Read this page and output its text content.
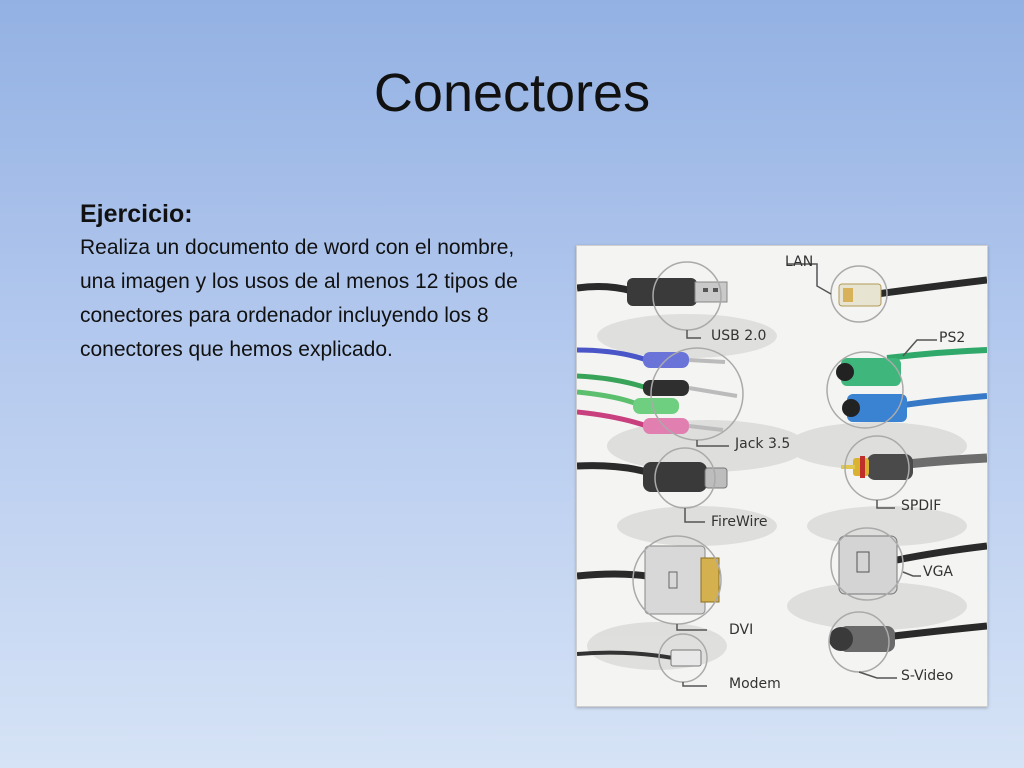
Conectores
Ejercicio:
Realiza un documento de word con el nombre, una imagen y los usos de al menos 12 tipos de conectores para ordenador incluyendo los 8 conectores que hemos explicado.
USB 2.0
LAN
PS2
Jack 3.5
SPDIF
FireWire
VGA
DVI
S-Video
Modem
